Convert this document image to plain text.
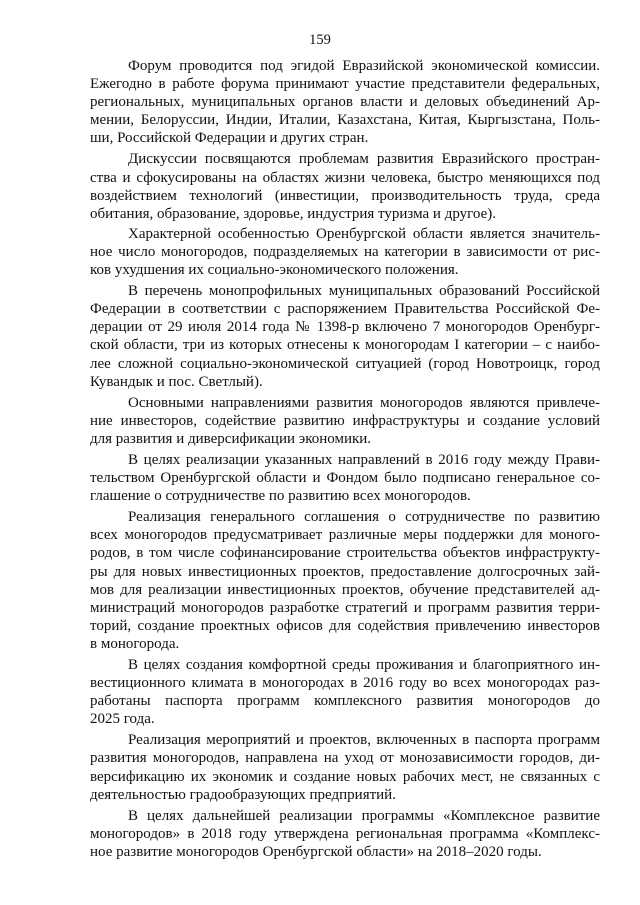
159

Форум проводится под эгидой Евразийской экономической комиссии.
Ежегодно в работе форума принимают участие представители федеральных,
региональных, муниципальных органов власти и деловых объединений Ар-
мении, Белоруссии, Индии, Италии, Казахстана, Китая, Кыргызстана, Поль-
ши, Российской Федерации и других стран.

Дискуссии посвящаются проблемам развития Евразийского простран-
ства и сфокусированы на областях жизни человека, быстро меняющихся под
воздействием технологий (инвестиции, производительность труда, среда
обитания, образование, здоровье, индустрия туризма и другое).

Характерной особенностью Оренбургской области является значитель-
ное число моногородов, подразделяемых на категории в зависимости от рис-
ков ухудшения их социально-экономического положения.

В перечень монопрофильных муниципальных образований Российской
Федерации в соответствии с распоряжением Правительства Российской Фе-
дерации от 29 июля 2014 года № 1398-р включено 7 моногородов Оренбург-
ской области, три из которых отнесены к моногородам I категории – с наибо-
лее сложной социально-экономической ситуацией (город Новотроицк, город
Кувандык и пос. Светлый).

Основными направлениями развития моногородов являются привлече-
ние инвесторов, содействие развитию инфраструктуры и создание условий
для развития и диверсификации экономики.

В целях реализации указанных направлений в 2016 году между Прави-
тельством Оренбургской области и Фондом было подписано генеральное со-
глашение о сотрудничестве по развитию всех моногородов.

Реализация генерального соглашения о сотрудничестве по развитию
всех моногородов предусматривает различные меры поддержки для моного-
родов, в том числе софинансирование строительства объектов инфраструкту-
ры для новых инвестиционных проектов, предоставление долгосрочных зай-
мов для реализации инвестиционных проектов, обучение представителей ад-
министраций моногородов разработке стратегий и программ развития терри-
торий, создание проектных офисов для содействия привлечению инвесторов
в моногорода.

В целях создания комфортной среды проживания и благоприятного ин-
вестиционного климата в моногородах в 2016 году во всех моногородах раз-
работаны паспорта программ комплексного развития моногородов до
2025 года.

Реализация мероприятий и проектов, включенных в паспорта программ
развития моногородов, направлена на уход от монозависимости городов, ди-
версификацию их экономик и создание новых рабочих мест, не связанных с
деятельностью градообразующих предприятий.

В целях дальнейшей реализации программы «Комплексное развитие
моногородов» в 2018 году утверждена региональная программа «Комплекс-
ное развитие моногородов Оренбургской области» на 2018–2020 годы.
